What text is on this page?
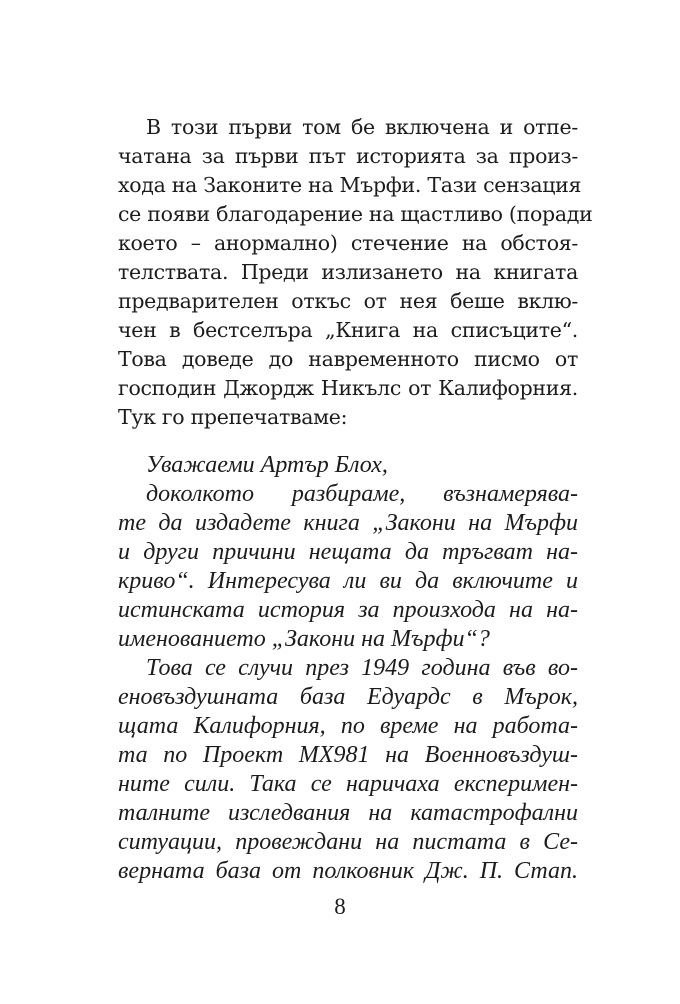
В този първи том бе включена и отпе-
чатана за първи път историята за произ-
хода на Законите на Мърфи. Тази сензация
се появи благодарение на щастливо (поради
което – анормално) стечение на обстоя-
телствата. Преди излизането на книгата
предварителен откъс от нея беше вклю-
чен в бестселъра „Книга на списъците“.
Това доведе до навременното писмо от
господин Джордж Никълс от Калифорния.
Тук го препечатваме:
Уважаеми Артър Блох,
доколкото разбираме, възнамерява-
те да издадете книга „Закони на Мърфи
и други причини нещата да тръгват на-
криво“. Интересува ли ви да включите и
истинската история за произхода на на-
именованието „Закони на Мърфи“?
Това се случи през 1949 година във во-
еновъздушната база Едуардс в Мърок,
щата Калифорния, по време на работа-
та по Проект МХ981 на Военновъздуш-
ните сили. Така се наричаха експеримен-
талните изследвания на катастрофални
ситуации, провеждани на пистата в Се-
верната база от полковник Дж. П. Стап.
8
